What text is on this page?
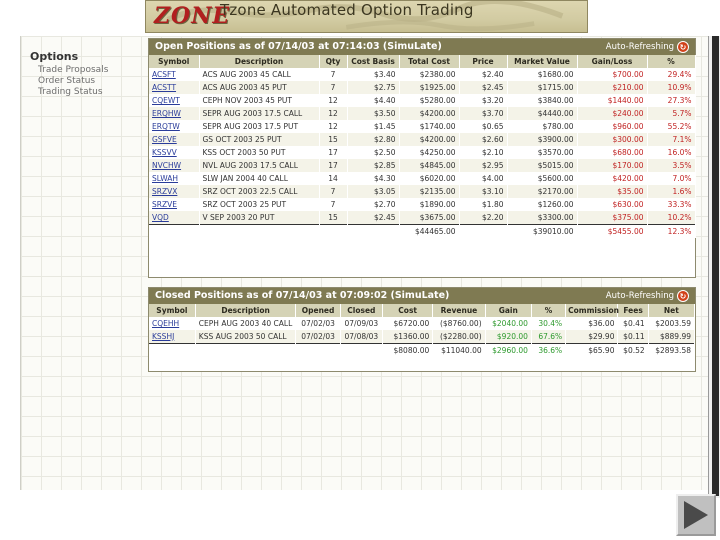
ZONE
Tzone Automated Option Trading
Options
Trade Proposals
Order Status
Trading Status
Open Positions as of 07/14/03 at 07:14:03 (SimuLate)	Auto-Refreshing ↻
Symbol	Description	Qty	Cost Basis	Total Cost	Price	Market Value	Gain/Loss	%
ACSFT	ACS AUG 2003 45 CALL	7	$3.40	$2380.00	$2.40	$1680.00	$700.00	29.4%
ACSTT	ACS AUG 2003 45 PUT	7	$2.75	$1925.00	$2.45	$1715.00	$210.00	10.9%
CQEWT	CEPH NOV 2003 45 PUT	12	$4.40	$5280.00	$3.20	$3840.00	$1440.00	27.3%
ERQHW	SEPR AUG 2003 17.5 CALL	12	$3.50	$4200.00	$3.70	$4440.00	$240.00	5.7%
ERQTW	SEPR AUG 2003 17.5 PUT	12	$1.45	$1740.00	$0.65	$780.00	$960.00	55.2%
GSFVE	GS OCT 2003 25 PUT	15	$2.80	$4200.00	$2.60	$3900.00	$300.00	7.1%
KSSVV	KSS OCT 2003 50 PUT	17	$2.50	$4250.00	$2.10	$3570.00	$680.00	16.0%
NVCHW	NVL AUG 2003 17.5 CALL	17	$2.85	$4845.00	$2.95	$5015.00	$170.00	3.5%
SLWAH	SLW JAN 2004 40 CALL	14	$4.30	$6020.00	$4.00	$5600.00	$420.00	7.0%
SRZVX	SRZ OCT 2003 22.5 CALL	7	$3.05	$2135.00	$3.10	$2170.00	$35.00	1.6%
SRZVE	SRZ OCT 2003 25 PUT	7	$2.70	$1890.00	$1.80	$1260.00	$630.00	33.3%
VQD	V SEP 2003 20 PUT	15	$2.45	$3675.00	$2.20	$3300.00	$375.00	10.2%
				$44465.00		$39010.00	$5455.00	12.3%
Closed Positions as of 07/14/03 at 07:09:02 (SimuLate)	Auto-Refreshing ↻
Symbol	Description	Opened	Closed	Cost	Revenue	Gain	%	Commission	Fees	Net
CQEHH	CEPH AUG 2003 40 CALL	07/02/03	07/09/03	$6720.00	($8760.00)	$2040.00	30.4%	$36.00	$0.41	$2003.59
KSSHJ	KSS AUG 2003 50 CALL	07/02/03	07/08/03	$1360.00	($2280.00)	$920.00	67.6%	$29.90	$0.11	$889.99
				$8080.00	$11040.00	$2960.00	36.6%	$65.90	$0.52	$2893.58
